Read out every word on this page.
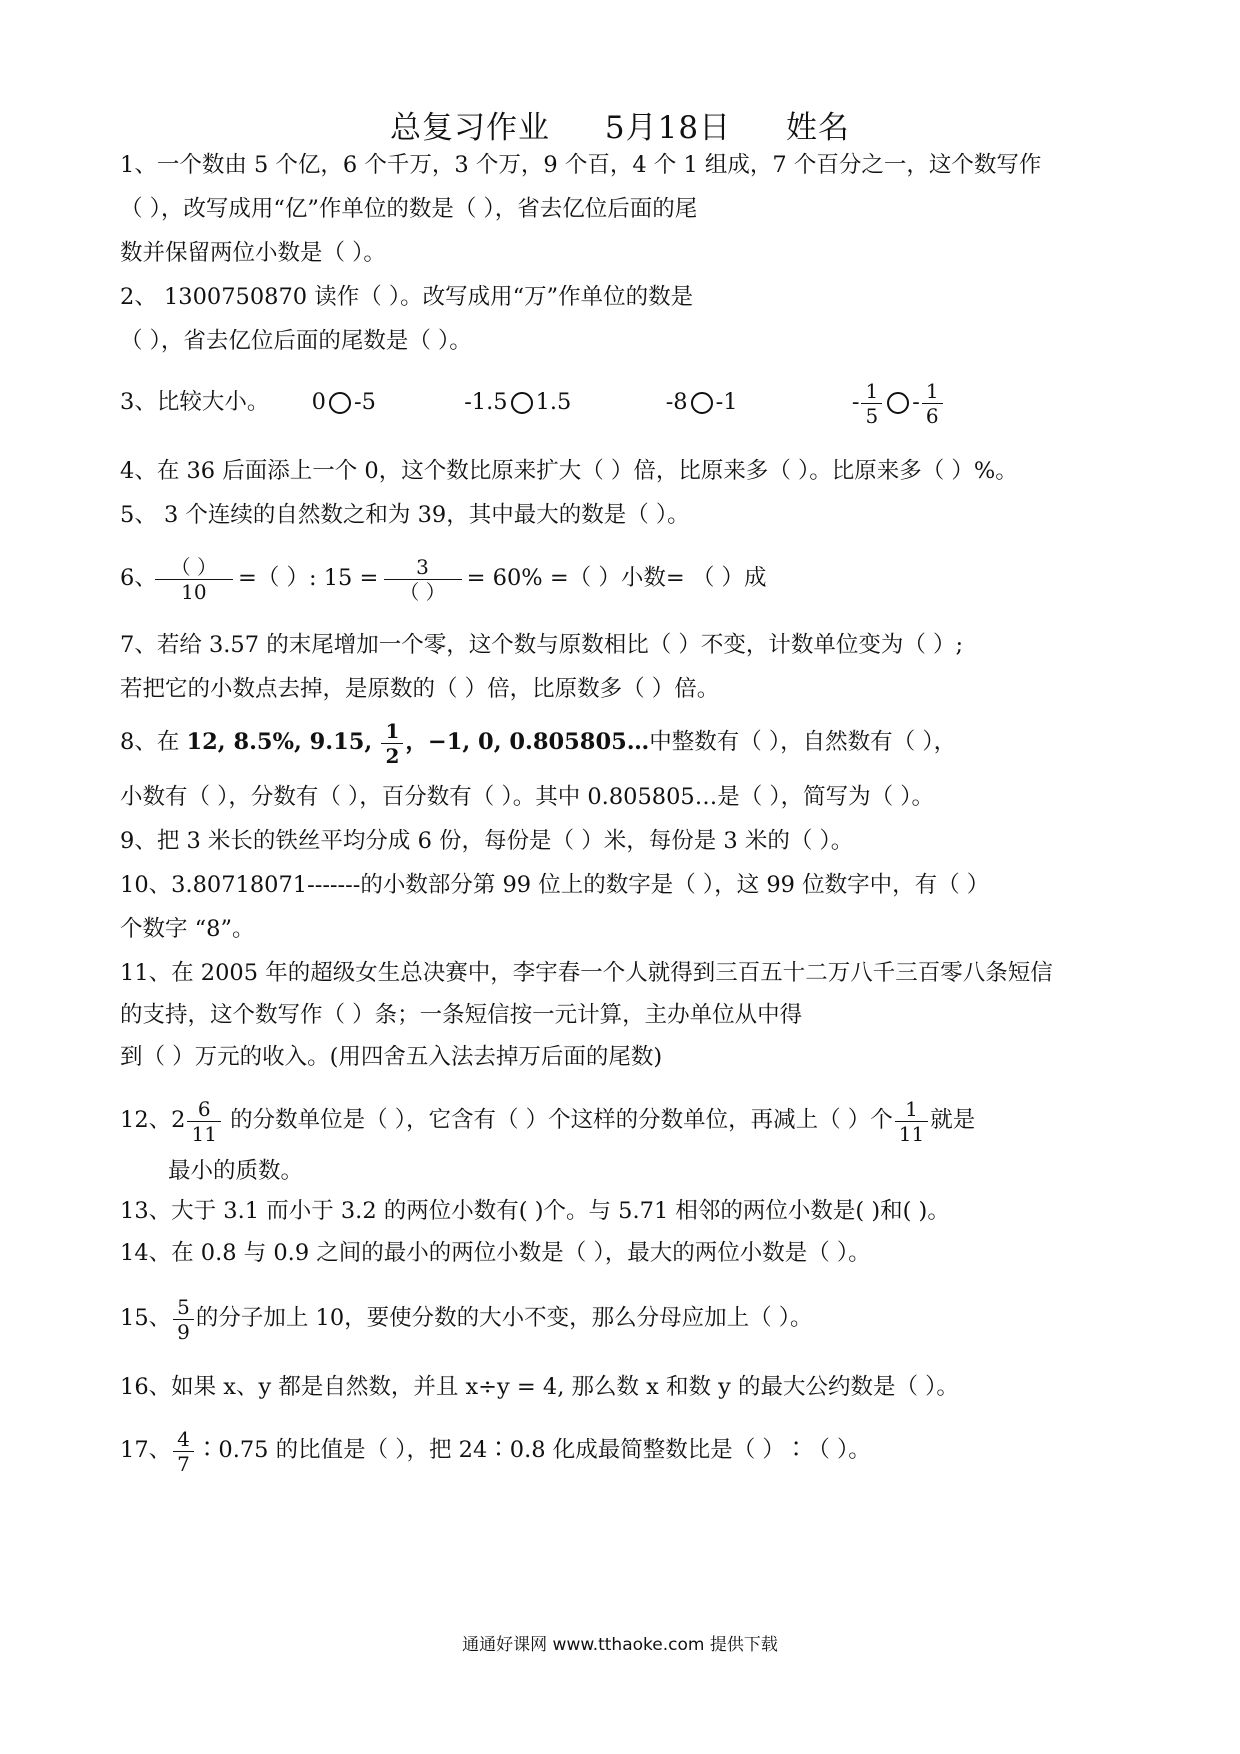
总复习作业 5月18日 姓名
1、一个数由 5 个亿，6 个千万，3 个万，9 个百，4 个 1 组成，7 个百分之一，这个数写作
（ ），改写成用“亿”作单位的数是（ ），省去亿位后面的尾
数并保留两位小数是（ ）。
2、 1300750870 读作（ ）。改写成用“万”作单位的数是
（ ），省去亿位后面的尾数是（ ）。
3、比较大小。 0 -5	-1.5 1.5	-8 -1	- $\frac{1}{5} - \frac{1}{6}$
4、在 36 后面添上一个 0，这个数比原来扩大（ ）倍，比原来多（ ）。比原来多（ ）%。
5、 3 个连续的自然数之和为 39，其中最大的数是（ ）。
6、 $\frac{( )}{10}$ =（ ）: $15 = \frac{3}{( )} = 60\%$ =（ ）小数= （ ）成
7、若给 3.57 的末尾增加一个零，这个数与原数相比（ ）不变，计数单位变为（ ）;
若把它的小数点去掉，是原数的（ ）倍，比原数多（ ）倍。
8、在 12, 8.5%, 9.15, $\frac{1}{2}$ ，−1, 0, 0.805805…中整数有（ ），自然数有（ ），
小数有（ ），分数有（ ），百分数有（ ）。其中 0.805805…是（ ），简写为（ ）。
9、把 3 米长的铁丝平均分成 6 份，每份是（ ）米，每份是 3 米的（ ）。
10、3.80718071-------的小数部分第 99 位上的数字是（ ），这 99 位数字中，有（ ）
个数字 “8”。
11、在 2005 年的超级女生总决赛中，李宇春一个人就得到三百五十二万八千三百零八条短信
的支持，这个数写作（ ）条；一条短信按一元计算，主办单位从中得
到（ ）万元的收入。(用四舍五入法去掉万后面的尾数)
12、$2 \frac{6}{11}$ 的分数单位是（ ），它含有（ ）个这样的分数单位，再减上（ ）个 $\frac{1}{11}$ 就是
最小的质数。
13、大于 3.1 而小于 3.2 的两位小数有( )个。与 5.71 相邻的两位小数是( )和( )。
14、在 0.8 与 0.9 之间的最小的两位小数是（ ），最大的两位小数是（ ）。
15、 $\frac{5}{9}$ 的分子加上 10，要使分数的大小不变，那么分母应加上（ ）。
16、如果 x、y 都是自然数，并且 x÷y = 4, 那么数 x 和数 y 的最大公约数是（ ）。
17、 $\frac{4}{7}$ ∶0.75 的比值是（ ），把 24∶0.8 化成最简整数比是（ ）∶（ ）。
通通好课网 www.tthaoke.com 提供下载
